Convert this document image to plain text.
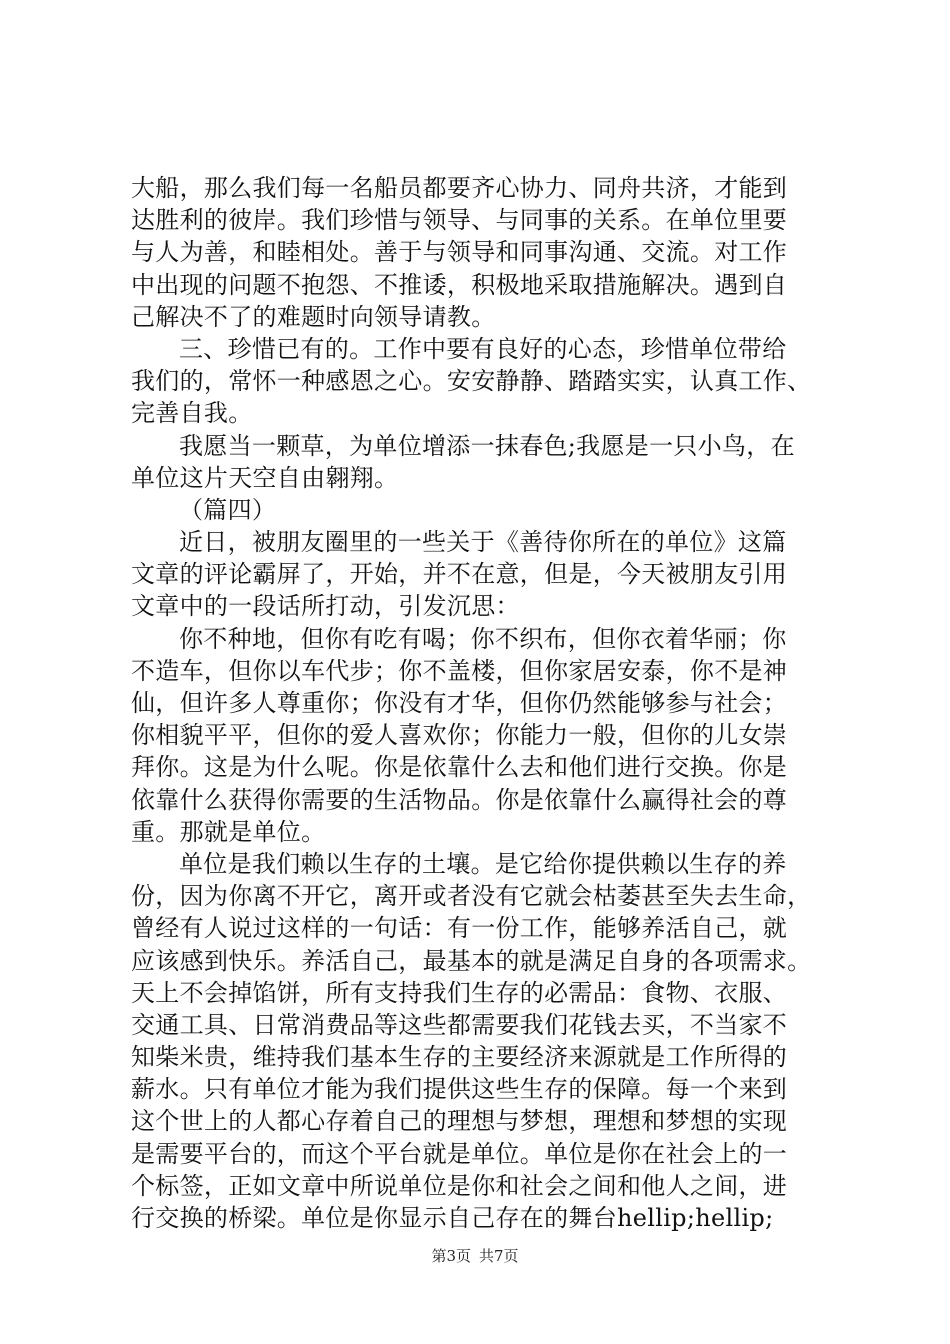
大船，那么我们每一名船员都要齐心协力、同舟共济，才能到
达胜利的彼岸。我们珍惜与领导、与同事的关系。在单位里要
与人为善，和睦相处。善于与领导和同事沟通、交流。对工作
中出现的问题不抱怨、不推诿，积极地采取措施解决。遇到自
己解决不了的难题时向领导请教。
三、珍惜已有的。工作中要有良好的心态，珍惜单位带给
我们的，常怀一种感恩之心。安安静静、踏踏实实，认真工作、
完善自我。
我愿当一颗草，为单位增添一抹春色;我愿是一只小鸟，在
单位这片天空自由翱翔。
（篇四）
近日，被朋友圈里的一些关于《善待你所在的单位》这篇
文章的评论霸屏了，开始，并不在意，但是，今天被朋友引用
文章中的一段话所打动，引发沉思：
你不种地，但你有吃有喝；你不织布，但你衣着华丽；你
不造车，但你以车代步；你不盖楼，但你家居安泰，你不是神
仙，但许多人尊重你；你没有才华，但你仍然能够参与社会；
你相貌平平，但你的爱人喜欢你；你能力一般，但你的儿女崇
拜你。这是为什么呢。你是依靠什么去和他们进行交换。你是
依靠什么获得你需要的生活物品。你是依靠什么赢得社会的尊
重。那就是单位。
单位是我们赖以生存的土壤。是它给你提供赖以生存的养
份，因为你离不开它，离开或者没有它就会枯萎甚至失去生命，
曾经有人说过这样的一句话：有一份工作，能够养活自己，就
应该感到快乐。养活自己，最基本的就是满足自身的各项需求。
天上不会掉馅饼，所有支持我们生存的必需品：食物、衣服、
交通工具、日常消费品等这些都需要我们花钱去买，不当家不
知柴米贵，维持我们基本生存的主要经济来源就是工作所得的
薪水。只有单位才能为我们提供这些生存的保障。每一个来到
这个世上的人都心存着自己的理想与梦想，理想和梦想的实现
是需要平台的，而这个平台就是单位。单位是你在社会上的一
个标签，正如文章中所说单位是你和社会之间和他人之间，进
行交换的桥梁。单位是你显示自己存在的舞台hellip;hellip;
第3页 共7页
